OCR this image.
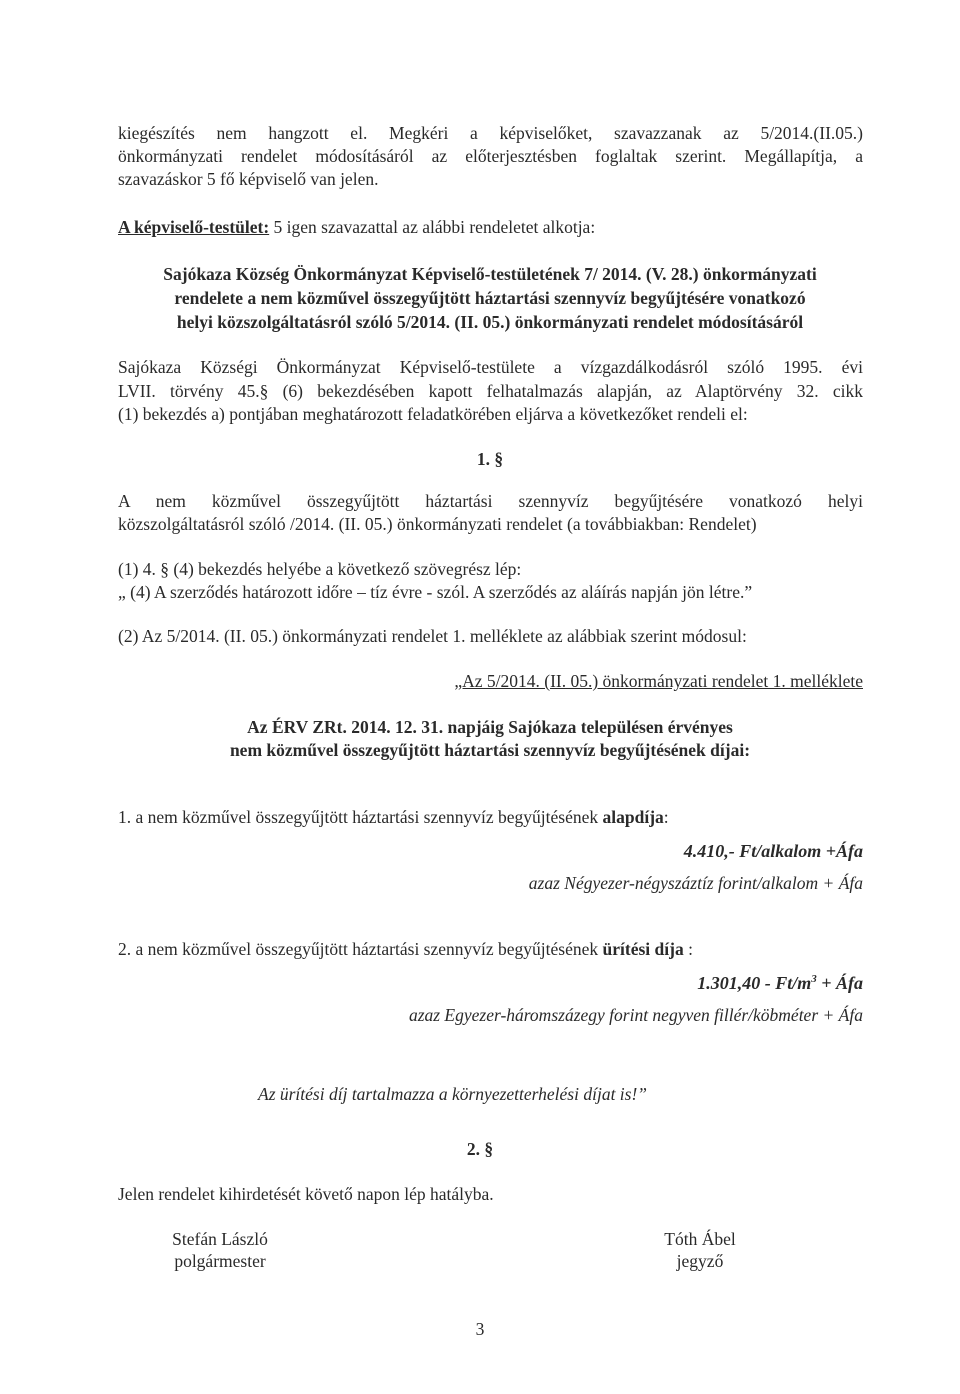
kiegészítés nem hangzott el. Megkéri a képviselőket, szavazzanak az 5/2014.(II.05.)
önkormányzati rendelet módosításáról az előterjesztésben foglaltak szerint. Megállapítja, a
szavazáskor 5 fő képviselő van jelen.
A képviselő-testület: 5 igen szavazattal az alábbi rendeletet alkotja:
Sajókaza Község Önkormányzat Képviselő-testületének 7/ 2014. (V. 28.) önkormányzati
rendelete a nem közművel összegyűjtött háztartási szennyvíz begyűjtésére vonatkozó
helyi közszolgáltatásról szóló 5/2014. (II. 05.) önkormányzati rendelet módosításáról
Sajókaza Községi Önkormányzat Képviselő-testülete a vízgazdálkodásról szóló 1995. évi
LVII. törvény 45.§ (6) bekezdésében kapott felhatalmazás alapján, az Alaptörvény 32. cikk
(1) bekezdés a) pontjában meghatározott feladatkörében eljárva a következőket rendeli el:
1. §
A nem közművel összegyűjtött háztartási szennyvíz begyűjtésére vonatkozó helyi
közszolgáltatásról szóló /2014. (II. 05.) önkormányzati rendelet (a továbbiakban: Rendelet)
(1) 4. § (4) bekezdés helyébe a következő szövegrész lép:
„ (4) A szerződés határozott időre – tíz évre - szól. A szerződés az aláírás napján jön létre.”
(2) Az 5/2014. (II. 05.) önkormányzati rendelet 1. melléklete az alábbiak szerint módosul:
„Az 5/2014. (II. 05.) önkormányzati rendelet 1. melléklete
Az ÉRV ZRt. 2014. 12. 31. napjáig Sajókaza településen érvényes
nem közművel összegyűjtött háztartási szennyvíz begyűjtésének díjai:
1. a nem közművel összegyűjtött háztartási szennyvíz begyűjtésének alapdíja:
4.410,- Ft/alkalom +Áfa
azaz Négyezer-négyszáztíz forint/alkalom + Áfa
2. a nem közművel összegyűjtött háztartási szennyvíz begyűjtésének ürítési díja :
$1.301,40 - Ft/m^3$ + Áfa
azaz Egyezer-háromszázegy forint negyven fillér/köbméter + Áfa
Az ürítési díj tartalmazza a környezetterhelési díjat is!”
2. §
Jelen rendelet kihirdetését követő napon lép hatályba.
Stefán László
polgármester
Tóth Ábel
jegyző
3
